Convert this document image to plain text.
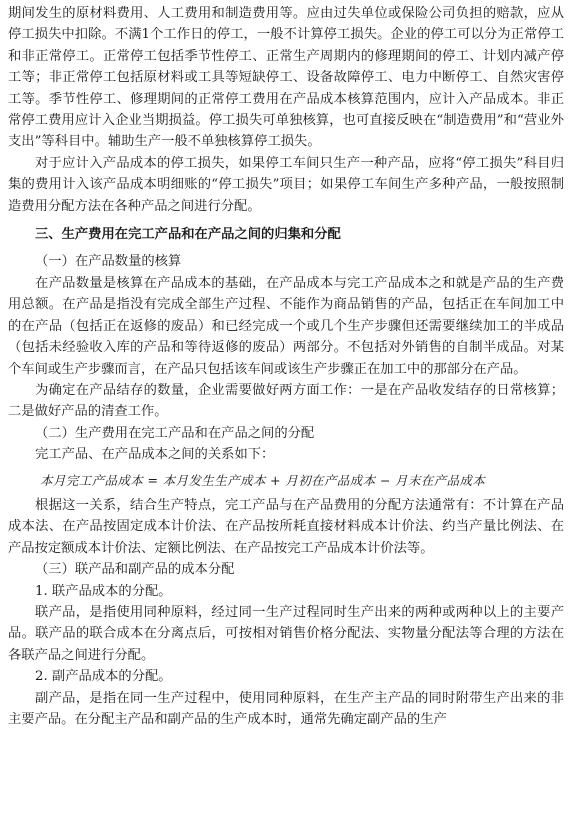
期间发生的原材料费用、人工费用和制造费用等。应由过失单位或保险公司负担的赔款，应从停工损失中扣除。不满1个工作日的停工，一般不计算停工损失。企业的停工可以分为正常停工和非正常停工。正常停工包括季节性停工、正常生产周期内的修理期间的停工、计划内减产停工等；非正常停工包括原材料或工具等短缺停工、设备故障停工、电力中断停工、自然灾害停工等。季节性停工、修理期间的正常停工费用在产品成本核算范围内，应计入产品成本。非正常停工费用应计入企业当期损益。停工损失可单独核算，也可直接反映在“制造费用”和“营业外支出”等科目中。辅助生产一般不单独核算停工损失。

对于应计入产品成本的停工损失，如果停工车间只生产一种产品，应将“停工损失”科目归集的费用计入该产品成本明细账的“停工损失”项目；如果停工车间生产多种产品，一般按照制造费用分配方法在各种产品之间进行分配。

三、生产费用在完工产品和在产品之间的归集和分配

（一）在产品数量的核算

在产品数量是核算在产品成本的基础，在产品成本与完工产品成本之和就是产品的生产费用总额。在产品是指没有完成全部生产过程、不能作为商品销售的产品，包括正在车间加工中的在产品（包括正在返修的废品）和已经完成一个或几个生产步骤但还需要继续加工的半成品（包括未经验收入库的产品和等待返修的废品）两部分。不包括对外销售的自制半成品。对某个车间或生产步骤而言，在产品只包括该车间或该生产步骤正在加工中的那部分在产品。

为确定在产品结存的数量，企业需要做好两方面工作：一是在产品收发结存的日常核算；二是做好产品的清查工作。

（二）生产费用在完工产品和在产品之间的分配

完工产品、在产品成本之间的关系如下：

本月完工产品成本 = 本月发生生产成本 + 月初在产品成本 − 月末在产品成本

根据这一关系，结合生产特点，完工产品与在产品费用的分配方法通常有：不计算在产品成本法、在产品按固定成本计价法、在产品按所耗直接材料成本计价法、约当产量比例法、在产品按定额成本计价法、定额比例法、在产品按完工产品成本计价法等。

（三）联产品和副产品的成本分配

1. 联产品成本的分配。

联产品，是指使用同种原料，经过同一生产过程同时生产出来的两种或两种以上的主要产品。联产品的联合成本在分离点后，可按相对销售价格分配法、实物量分配法等合理的方法在各联产品之间进行分配。

2. 副产品成本的分配。

副产品，是指在同一生产过程中，使用同种原料，在生产主产品的同时附带生产出来的非主要产品。在分配主产品和副产品的生产成本时，通常先确定副产品的生产
